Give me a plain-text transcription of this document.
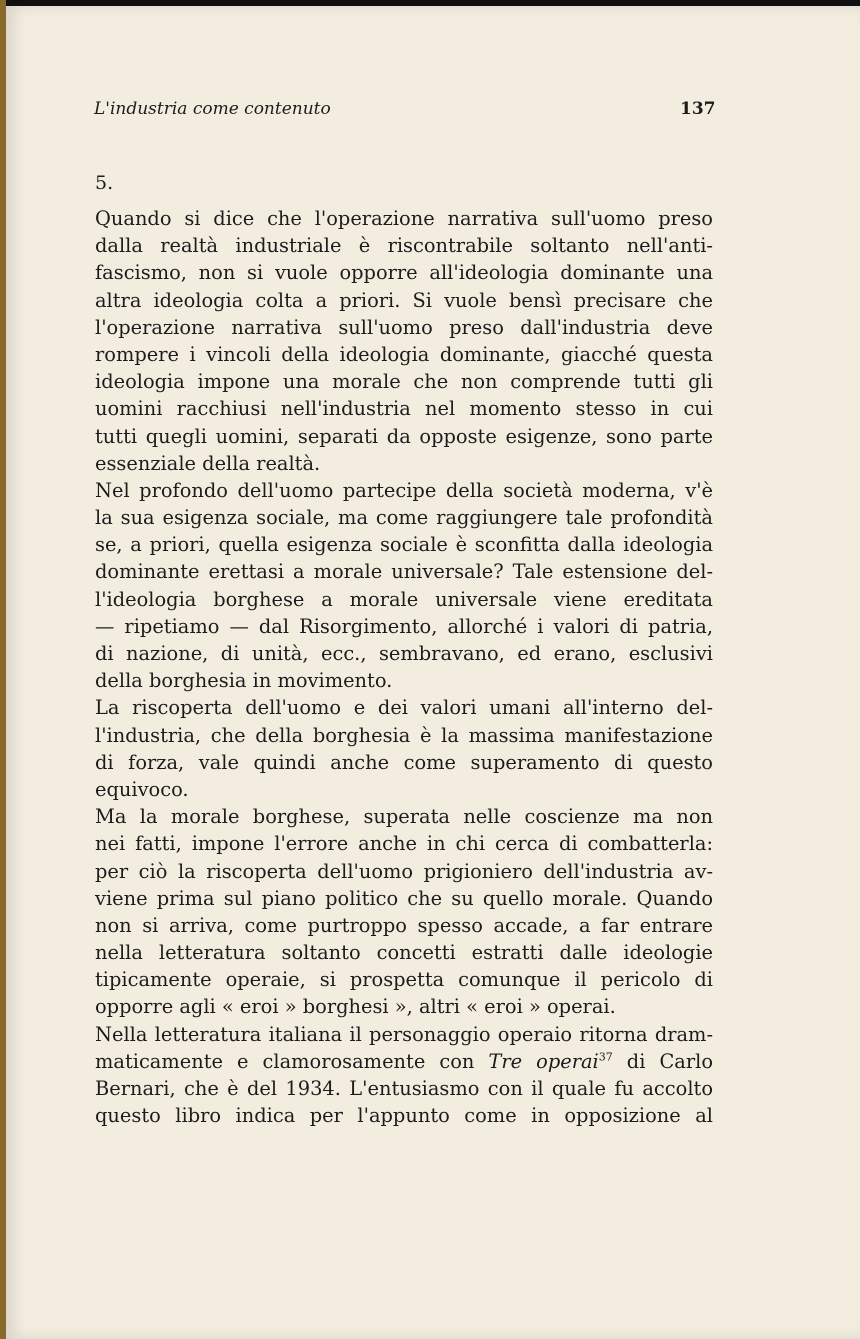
L'industria come contenuto	137
5.
Quando si dice che l'operazione narrativa sull'uomo preso
dalla realtà industriale è riscontrabile soltanto nell'anti-
fascismo, non si vuole opporre all'ideologia dominante una
altra ideologia colta a priori. Si vuole bensì precisare che
l'operazione narrativa sull'uomo preso dall'industria deve
rompere i vincoli della ideologia dominante, giacché questa
ideologia impone una morale che non comprende tutti gli
uomini racchiusi nell'industria nel momento stesso in cui
tutti quegli uomini, separati da opposte esigenze, sono parte
essenziale della realtà.
Nel profondo dell'uomo partecipe della società moderna, v'è
la sua esigenza sociale, ma come raggiungere tale profondità
se, a priori, quella esigenza sociale è sconfitta dalla ideologia
dominante erettasi a morale universale? Tale estensione del-
l'ideologia borghese a morale universale viene ereditata
— ripetiamo — dal Risorgimento, allorché i valori di patria,
di nazione, di unità, ecc., sembravano, ed erano, esclusivi
della borghesia in movimento.
La riscoperta dell'uomo e dei valori umani all'interno del-
l'industria, che della borghesia è la massima manifestazione
di forza, vale quindi anche come superamento di questo
equivoco.
Ma la morale borghese, superata nelle coscienze ma non
nei fatti, impone l'errore anche in chi cerca di combatterla:
per ciò la riscoperta dell'uomo prigioniero dell'industria av-
viene prima sul piano politico che su quello morale. Quando
non si arriva, come purtroppo spesso accade, a far entrare
nella letteratura soltanto concetti estratti dalle ideologie
tipicamente operaie, si prospetta comunque il pericolo di
opporre agli « eroi » borghesi », altri « eroi » operai.
Nella letteratura italiana il personaggio operaio ritorna dram-
maticamente e clamorosamente con Tre operai$^{37}$ di Carlo
Bernari, che è del 1934. L'entusiasmo con il quale fu accolto
questo libro indica per l'appunto come in opposizione al
